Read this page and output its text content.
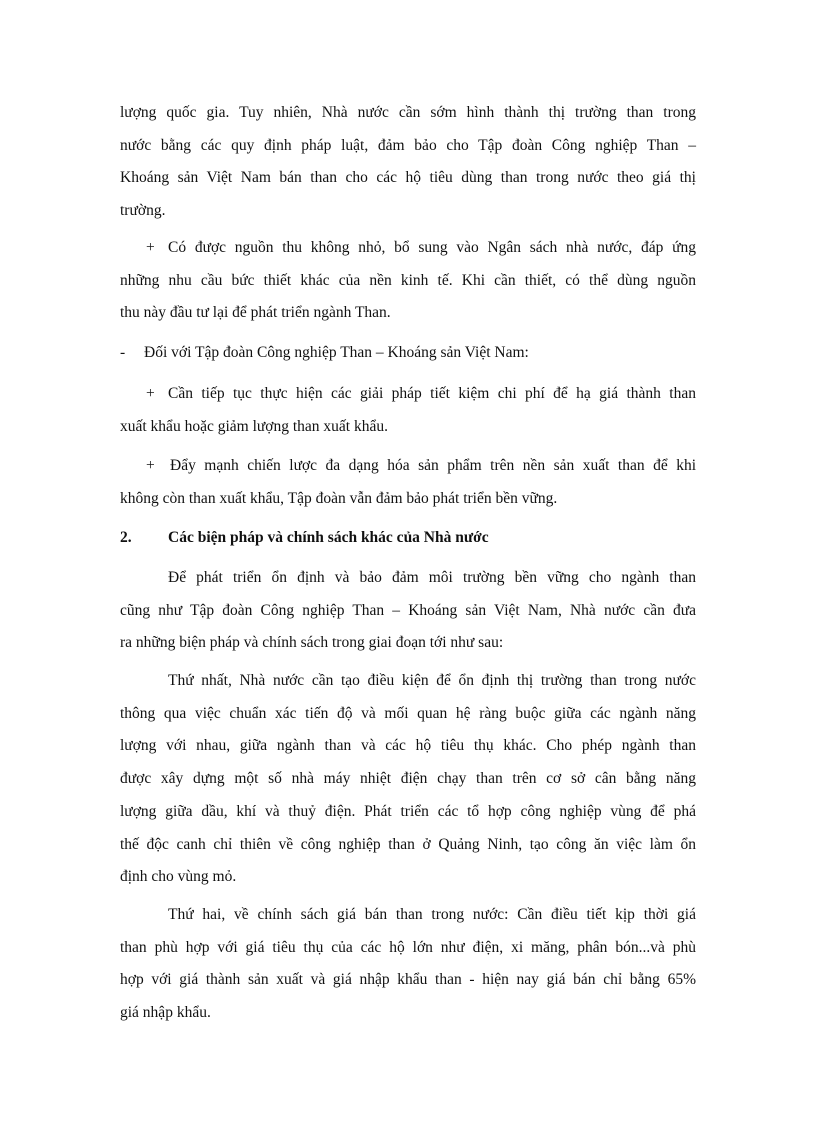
lượng quốc gia. Tuy nhiên, Nhà nước cần sớm hình thành thị trường than trong
nước bằng các quy định pháp luật, đảm bảo cho Tập đoàn Công nghiệp Than –
Khoáng sản Việt Nam bán than cho các hộ tiêu dùng than trong nước theo giá thị
trường.
+ Có được nguồn thu không nhỏ, bổ sung vào Ngân sách nhà nước, đáp ứng
những nhu cầu bức thiết khác của nền kinh tế. Khi cần thiết, có thể dùng nguồn
thu này đầu tư lại để phát triển ngành Than.
- Đối với Tập đoàn Công nghiệp Than – Khoáng sản Việt Nam:
+ Cần tiếp tục thực hiện các giải pháp tiết kiệm chi phí để hạ giá thành than
xuất khẩu hoặc giảm lượng than xuất khẩu.
+ Đẩy mạnh chiến lược đa dạng hóa sản phẩm trên nền sản xuất than để khi
không còn than xuất khẩu, Tập đoàn vẫn đảm bảo phát triển bền vững.
2. Các biện pháp và chính sách khác của Nhà nước
Để phát triển ổn định và bảo đảm môi trường bền vững cho ngành than
cũng như Tập đoàn Công nghiệp Than – Khoáng sản Việt Nam, Nhà nước cần đưa
ra những biện pháp và chính sách trong giai đoạn tới như sau:
Thứ nhất, Nhà nước cần tạo điều kiện để ổn định thị trường than trong nước
thông qua việc chuẩn xác tiến độ và mối quan hệ ràng buộc giữa các ngành năng
lượng với nhau, giữa ngành than và các hộ tiêu thụ khác. Cho phép ngành than
được xây dựng một số nhà máy nhiệt điện chạy than trên cơ sở cân bằng năng
lượng giữa dầu, khí và thuỷ điện. Phát triển các tổ hợp công nghiệp vùng để phá
thế độc canh chỉ thiên về công nghiệp than ở Quảng Ninh, tạo công ăn việc làm ổn
định cho vùng mỏ.
Thứ hai, về chính sách giá bán than trong nước: Cần điều tiết kịp thời giá
than phù hợp với giá tiêu thụ của các hộ lớn như điện, xi măng, phân bón...và phù
hợp với giá thành sản xuất và giá nhập khẩu than - hiện nay giá bán chỉ bằng 65%
giá nhập khẩu.
